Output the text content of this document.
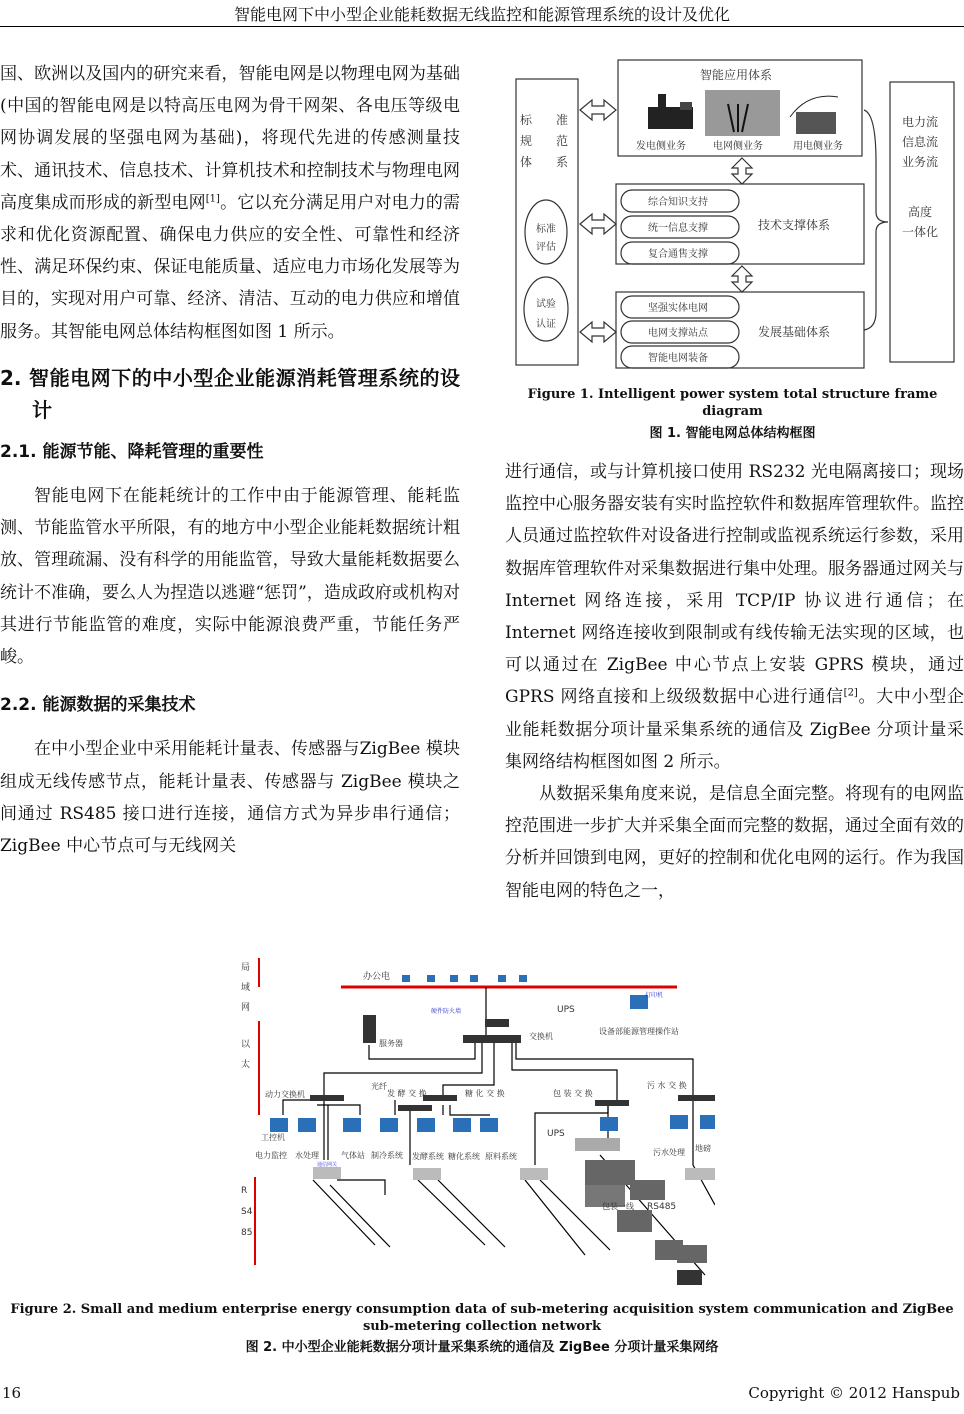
智能电网下中小型企业能耗数据无线监控和能源管理系统的设计及优化

国、欧洲以及国内的研究来看，智能电网是以物理电网为基础(中国的智能电网是以特高压电网为骨干网架、各电压等级电网协调发展的坚强电网为基础)，将现代先进的传感测量技术、通讯技术、信息技术、计算机技术和控制技术与物理电网高度集成而形成的新型电网[1]。它以充分满足用户对电力的需求和优化资源配置、确保电力供应的安全性、可靠性和经济性、满足环保约束、保证电能质量、适应电力市场化发展等为目的，实现对用户可靠、经济、清洁、互动的电力供应和增值服务。其智能电网总体结构框图如图 1 所示。

2. 智能电网下的中小型企业能源消耗管理系统的设计
2.1. 能源节能、降耗管理的重要性

智能电网下在能耗统计的工作中由于能源管理、能耗监测、节能监管水平所限，有的地方中小型企业能耗数据统计粗放、管理疏漏、没有科学的用能监管，导致大量能耗数据要么统计不准确，要么人为捏造以逃避“惩罚”，造成政府或机构对其进行节能监管的难度，实际中能源浪费严重，节能任务严峻。

2.2. 能源数据的采集技术

在中小型企业中采用能耗计量表、传感器与ZigBee 模块组成无线传感节点，能耗计量表、传感器与 ZigBee 模块之间通过 RS485 接口进行连接，通信方式为异步串行通信；ZigBee 中心节点可与无线网关

标 准
规 范
体 系
标准
评估
试验
认证
智能应用体系
发电侧业务	电网侧业务	用电侧业务
综合知识支持
统一信息支撑
复合通售支撑
技术支撑体系
坚强实体电网
电网支撑站点
智能电网装备
发展基础体系
电力流
信息流
业务流
高度
一体化
Figure 1. Intelligent power system total structure frame diagram
图 1. 智能电网总体结构框图

进行通信，或与计算机接口使用 RS232 光电隔离接口；现场监控中心服务器安装有实时监控软件和数据库管理软件。监控人员通过监控软件对设备进行控制或监视系统运行参数，采用数据库管理软件对采集数据进行集中处理。服务器通过网关与 Internet 网络连接，采用 TCP/IP 协议进行通信；在 Internet 网络连接收到限制或有线传输无法实现的区域，也可以通过在 ZigBee 中心节点上安装 GPRS 模块，通过 GPRS 网络直接和上级级数据中心进行通信[2]。大中小型企业能耗数据分项计量采集系统的通信及 ZigBee 分项计量采集网络结构框图如图 2 所示。

从数据采集角度来说，是信息全面完整。将现有的电网监控范围进一步扩大并采集全面而完整的数据，通过全面有效的分析并回馈到电网，更好的控制和优化电网的运行。作为我国智能电网的特色之一，

局
域
网
以
太
R
S4
85
办公电
硬件防火墙	UPS
打印机
设备部能源管理操作站
服务器
交换机
光纤
动力交换机	发 酵 交 换	糖 化 交 换	包 装 交 换
污 水 交 换
工控机
电力监控 水处理	气体站 制冷系统 发酵系统 糖化系统 原料系统
UPS
污水处理 地磅
包装一线 RS485
通信网关
Figure 2. Small and medium enterprise energy consumption data of sub-metering acquisition system communication and ZigBee
sub-metering collection network
图 2. 中小型企业能耗数据分项计量采集系统的通信及 ZigBee 分项计量采集网络
16	Copyright © 2012 Hanspub
